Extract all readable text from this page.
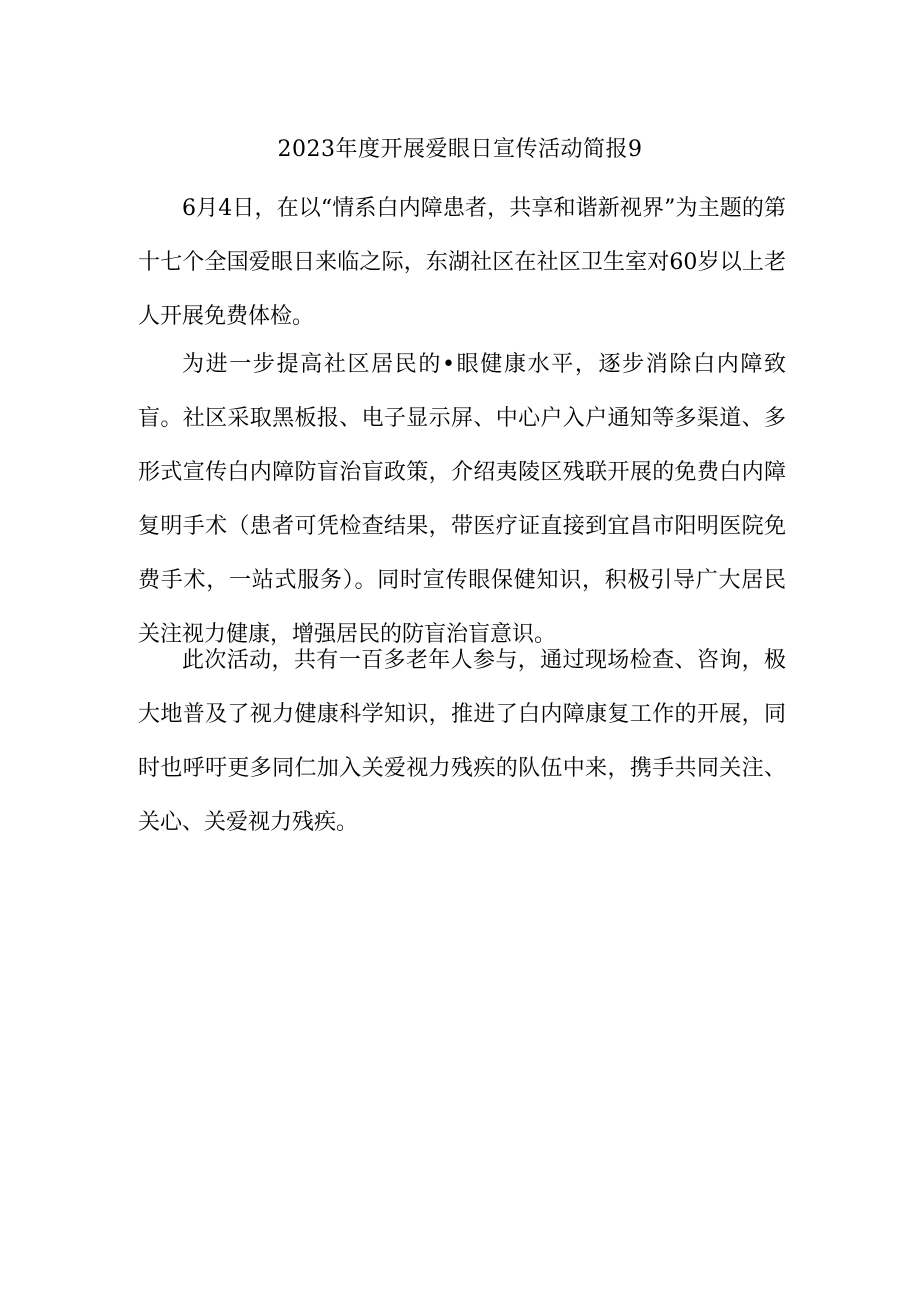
2023年度开展爱眼日宣传活动简报9

6月4日，在以“情系白内障患者，共享和谐新视界”为主题的第十七个全国爱眼日来临之际，东湖社区在社区卫生室对60岁以上老人开展免费体检。

为进一步提高社区居民的•眼健康水平，逐步消除白内障致盲。社区采取黑板报、电子显示屏、中心户入户通知等多渠道、多形式宣传白内障防盲治盲政策，介绍夷陵区残联开展的免费白内障复明手术（患者可凭检查结果，带医疗证直接到宜昌市阳明医院免费手术，一站式服务）。同时宣传眼保健知识，积极引导广大居民关注视力健康，增强居民的防盲治盲意识。

此次活动，共有一百多老年人参与，通过现场检查、咨询，极大地普及了视力健康科学知识，推进了白内障康复工作的开展，同时也呼吁更多同仁加入关爱视力残疾的队伍中来，携手共同关注、关心、关爱视力残疾。
